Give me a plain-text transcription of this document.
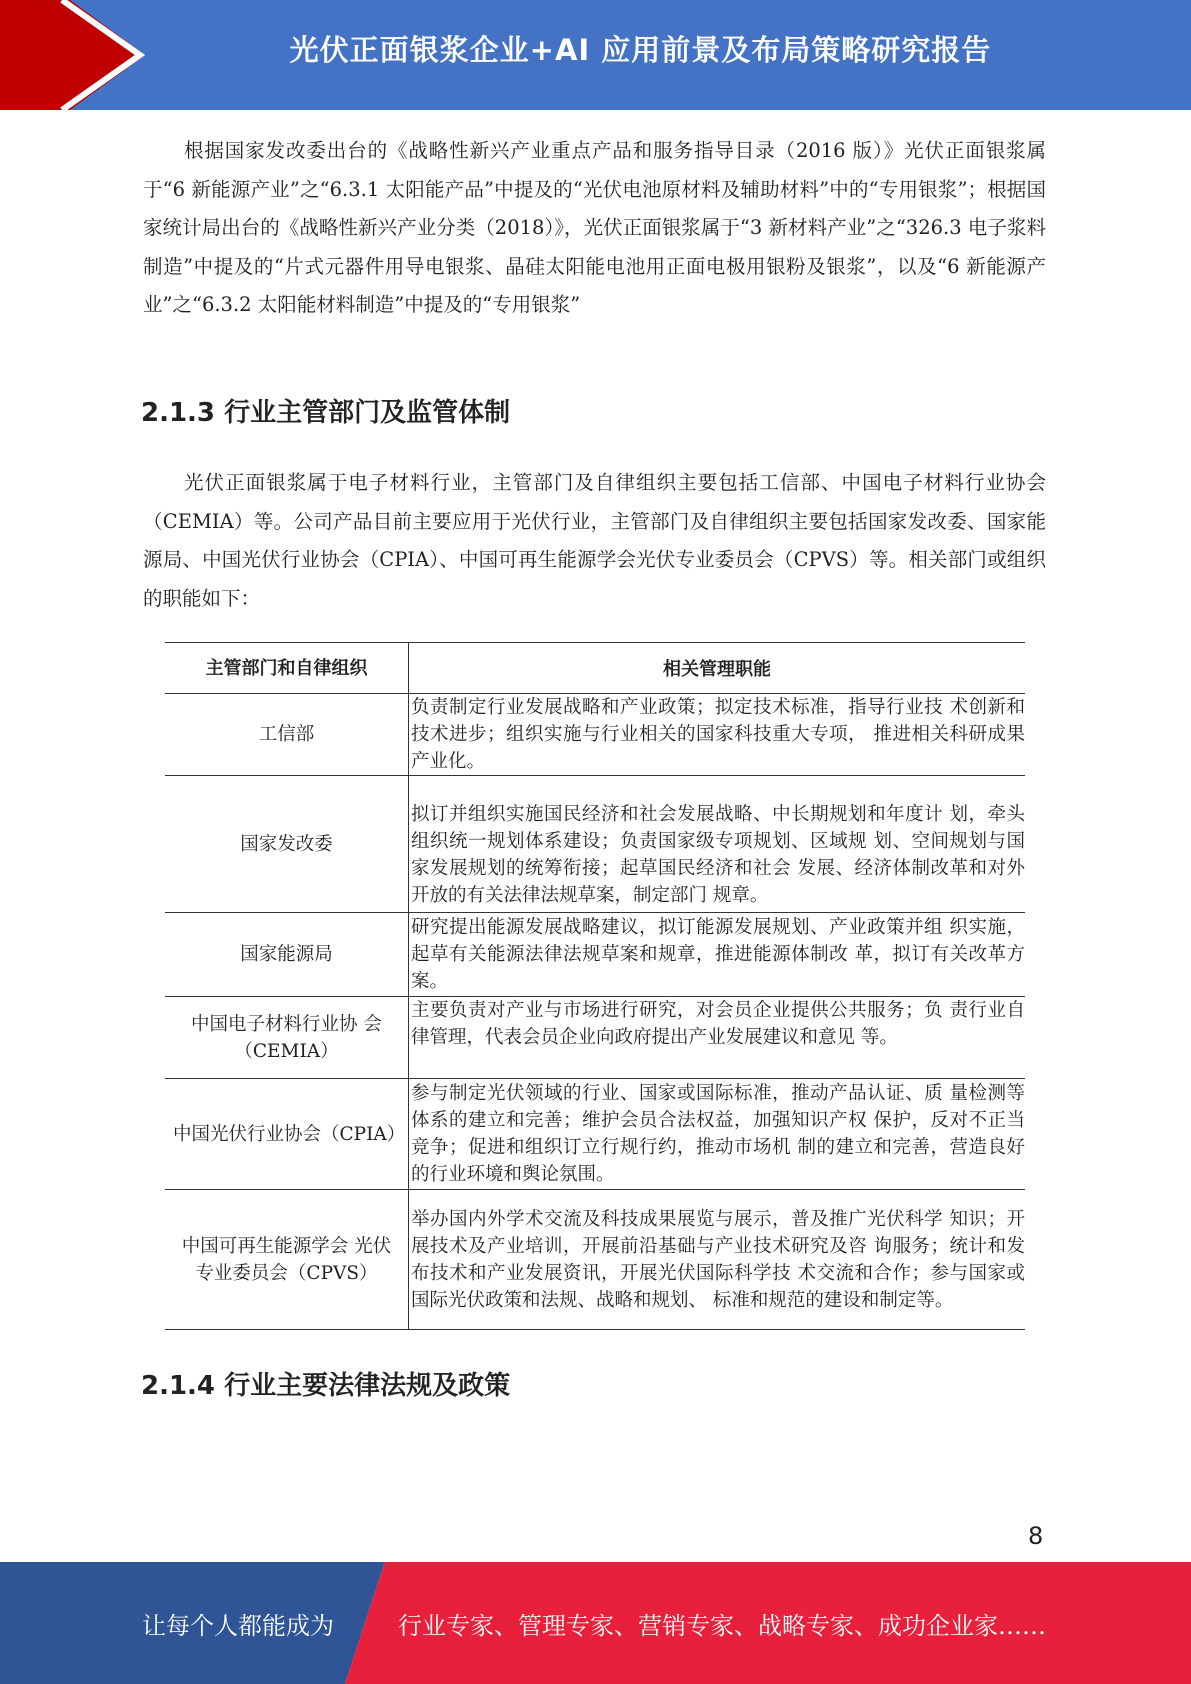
光伏正面银浆企业+AI 应用前景及布局策略研究报告

根据国家发改委出台的《战略性新兴产业重点产品和服务指导目录（2016 版）》光伏正面银浆属于“6 新能源产业”之“6.3.1 太阳能产品”中提及的“光伏电池原材料及辅助材料”中的“专用银浆”；根据国家统计局出台的《战略性新兴产业分类（2018）》，光伏正面银浆属于“3 新材料产业”之“326.3 电子浆料制造”中提及的“片式元器件用导电银浆、晶硅太阳能电池用正面电极用银粉及银浆”，以及“6 新能源产业”之“6.3.2 太阳能材料制造”中提及的“专用银浆”

2.1.3 行业主管部门及监管体制

光伏正面银浆属于电子材料行业，主管部门及自律组织主要包括工信部、中国电子材料行业协会（CEMIA）等。公司产品目前主要应用于光伏行业，主管部门及自律组织主要包括国家发改委、国家能源局、中国光伏行业协会（CPIA）、中国可再生能源学会光伏专业委员会（CPVS）等。相关部门或组织的职能如下：

主管部门和自律组织	相关管理职能
工信部	负责制定行业发展战略和产业政策；拟定技术标准，指导行业技 术创新和技术进步；组织实施与行业相关的国家科技重大专项， 推进相关科研成果产业化。
国家发改委	拟订并组织实施国民经济和社会发展战略、中长期规划和年度计 划，牵头组织统一规划体系建设；负责国家级专项规划、区域规 划、空间规划与国家发展规划的统筹衔接；起草国民经济和社会 发展、经济体制改革和对外开放的有关法律法规草案，制定部门 规章。
国家能源局	研究提出能源发展战略建议，拟订能源发展规划、产业政策并组 织实施，起草有关能源法律法规草案和规章，推进能源体制改 革，拟订有关改革方案。
中国电子材料行业协 会（CEMIA）	主要负责对产业与市场进行研究，对会员企业提供公共服务；负 责行业自律管理，代表会员企业向政府提出产业发展建议和意见 等。
中国光伏行业协会（CPIA）	参与制定光伏领域的行业、国家或国际标准，推动产品认证、质 量检测等体系的建立和完善；维护会员合法权益，加强知识产权 保护，反对不正当竞争；促进和组织订立行规行约，推动市场机 制的建立和完善，营造良好的行业环境和舆论氛围。
中国可再生能源学会 光伏专业委员会（CPVS）	举办国内外学术交流及科技成果展览与展示，普及推广光伏科学 知识；开展技术及产业培训，开展前沿基础与产业技术研究及咨 询服务；统计和发布技术和产业发展资讯，开展光伏国际科学技 术交流和合作；参与国家或国际光伏政策和法规、战略和规划、 标准和规范的建设和制定等。
2.1.4 行业主要法律法规及政策
8
让每个人都能成为	行业专家、管理专家、营销专家、战略专家、成功企业家……
